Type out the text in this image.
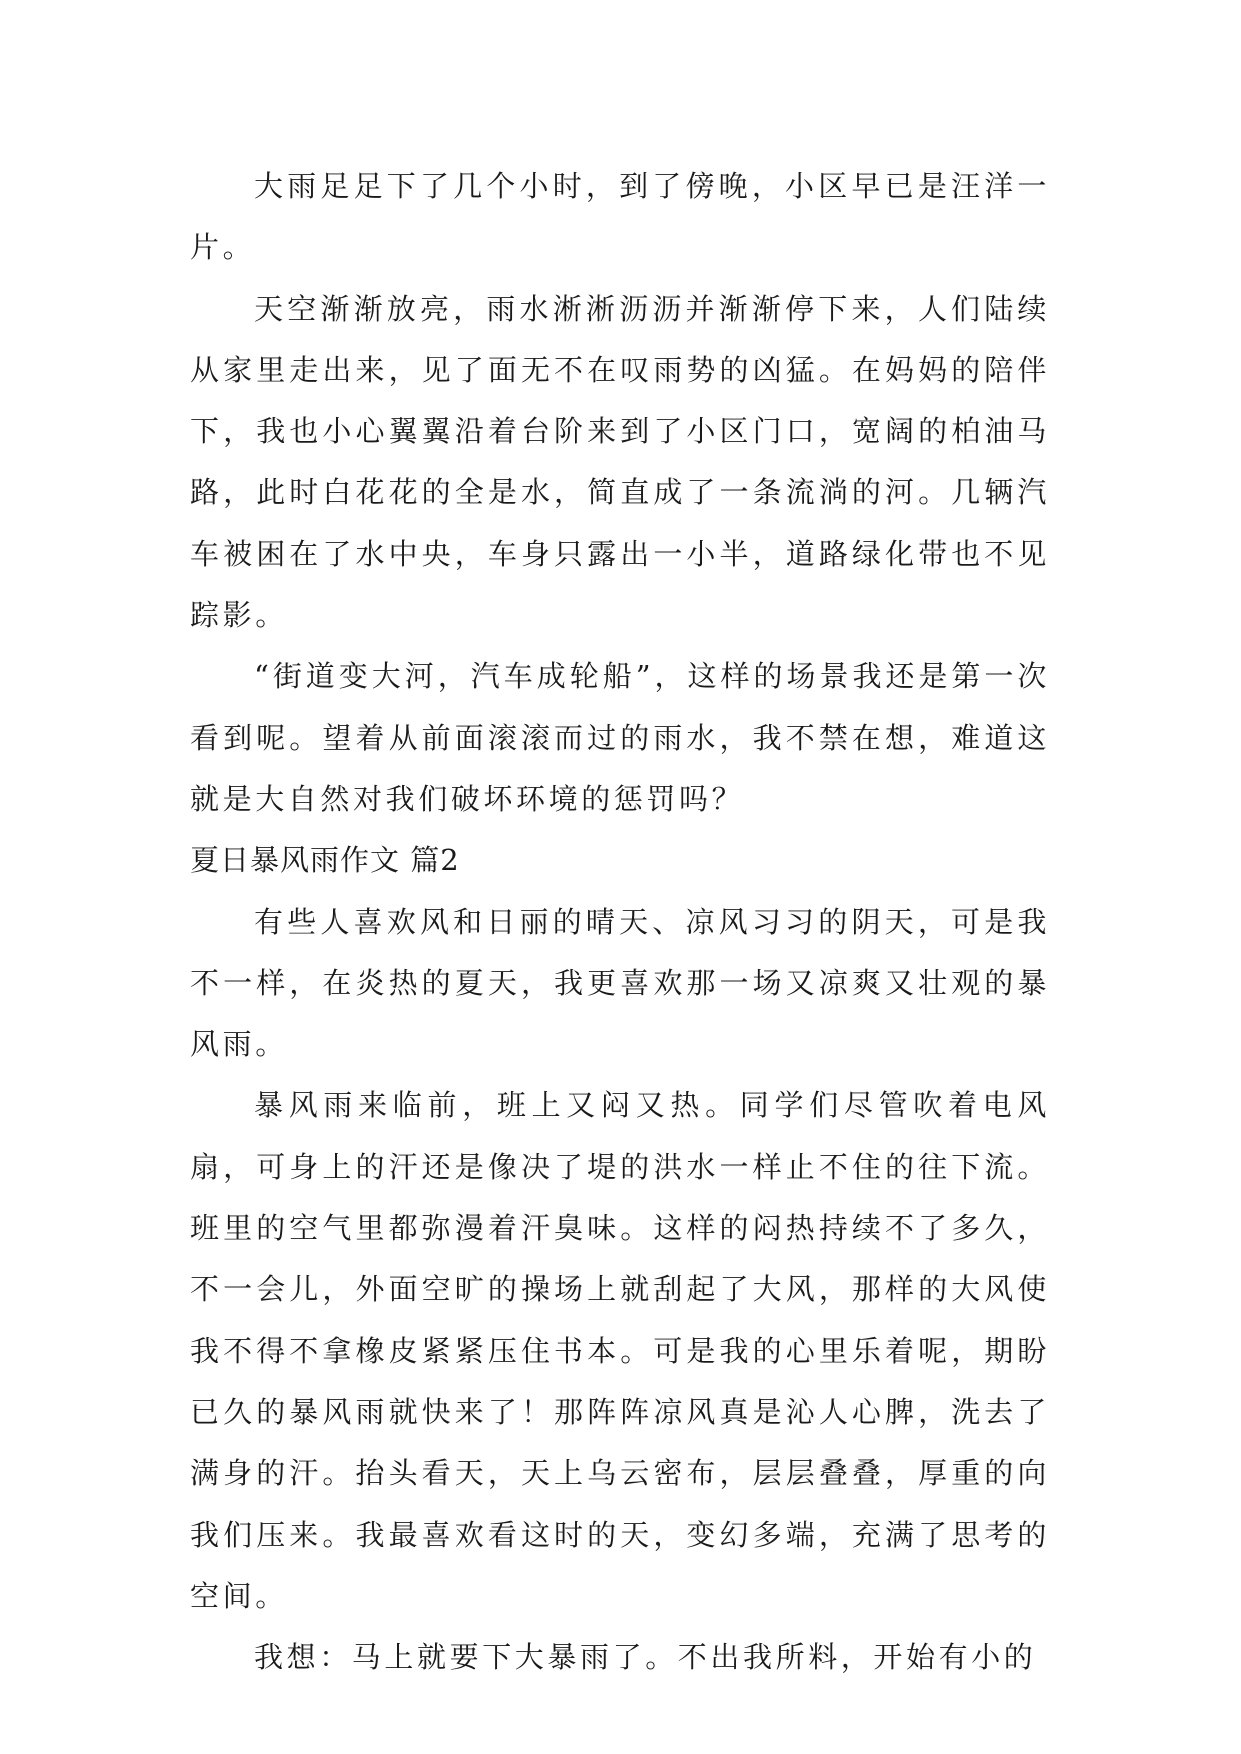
大雨足足下了几个小时，到了傍晚，小区早已是汪洋一片。

天空渐渐放亮，雨水淅淅沥沥并渐渐停下来，人们陆续从家里走出来，见了面无不在叹雨势的凶猛。在妈妈的陪伴下，我也小心翼翼沿着台阶来到了小区门口，宽阔的柏油马路，此时白花花的全是水，简直成了一条流淌的河。几辆汽车被困在了水中央，车身只露出一小半，道路绿化带也不见踪影。

“街道变大河，汽车成轮船”，这样的场景我还是第一次看到呢。望着从前面滚滚而过的雨水，我不禁在想，难道这就是大自然对我们破坏环境的惩罚吗？

夏日暴风雨作文 篇2

有些人喜欢风和日丽的晴天、凉风习习的阴天，可是我不一样，在炎热的夏天，我更喜欢那一场又凉爽又壮观的暴风雨。

暴风雨来临前，班上又闷又热。同学们尽管吹着电风扇，可身上的汗还是像决了堤的洪水一样止不住的往下流。班里的空气里都弥漫着汗臭味。这样的闷热持续不了多久，不一会儿，外面空旷的操场上就刮起了大风，那样的大风使我不得不拿橡皮紧紧压住书本。可是我的心里乐着呢，期盼已久的暴风雨就快来了！那阵阵凉风真是沁人心脾，洗去了满身的汗。抬头看天，天上乌云密布，层层叠叠，厚重的向我们压来。我最喜欢看这时的天，变幻多端，充满了思考的空间。

我想：马上就要下大暴雨了。不出我所料，开始有小的
